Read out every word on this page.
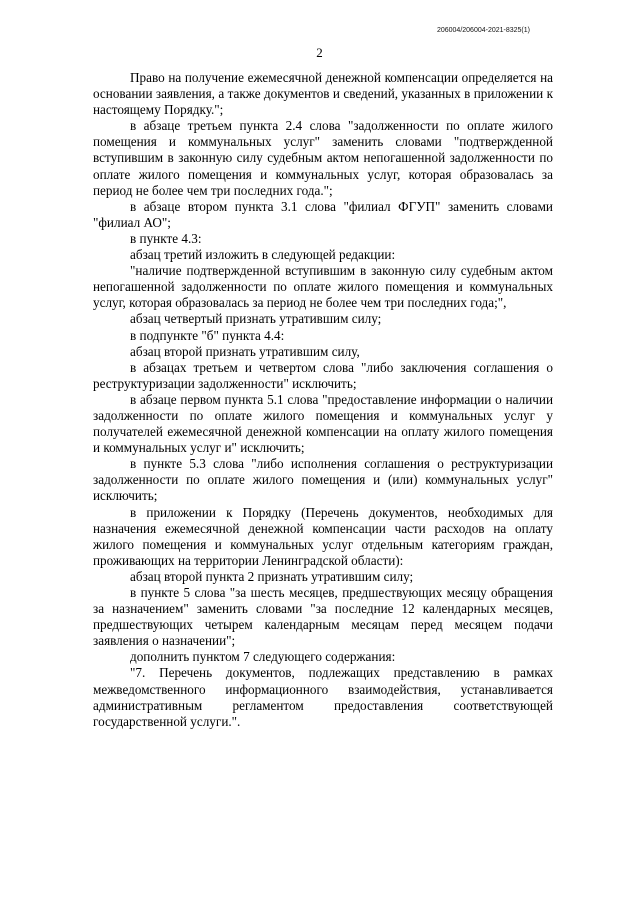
206004/206004-2021-8325(1)
2

Право на получение ежемесячной денежной компенсации определяется на основании заявления, а также документов и сведений, указанных в приложении к настоящему Порядку.";

в абзаце третьем пункта 2.4 слова "задолженности по оплате жилого помещения и коммунальных услуг" заменить словами "подтвержденной вступившим в законную силу судебным актом непогашенной задолженности по оплате жилого помещения и коммунальных услуг, которая образовалась за период не более чем три последних года.";

в абзаце втором пункта 3.1 слова "филиал ФГУП" заменить словами "филиал АО";

в пункте 4.3:

абзац третий изложить в следующей редакции:

"наличие подтвержденной вступившим в законную силу судебным актом непогашенной задолженности по оплате жилого помещения и коммунальных услуг, которая образовалась за период не более чем три последних года;",

абзац четвертый признать утратившим силу;

в подпункте "б" пункта 4.4:

абзац второй признать утратившим силу,

в абзацах третьем и четвертом слова "либо заключения соглашения о реструктуризации задолженности" исключить;

в абзаце первом пункта 5.1 слова "предоставление информации о наличии задолженности по оплате жилого помещения и коммунальных услуг у получателей ежемесячной денежной компенсации на оплату жилого помещения и коммунальных услуг и" исключить;

в пункте 5.3 слова "либо исполнения соглашения о реструктуризации задолженности по оплате жилого помещения и (или) коммунальных услуг" исключить;

в приложении к Порядку (Перечень документов, необходимых для назначения ежемесячной денежной компенсации части расходов на оплату жилого помещения и коммунальных услуг отдельным категориям граждан, проживающих на территории Ленинградской области):

абзац второй пункта 2 признать утратившим силу;

в пункте 5 слова "за шесть месяцев, предшествующих месяцу обращения за назначением" заменить словами "за последние 12 календарных месяцев, предшествующих четырем календарным месяцам перед месяцем подачи заявления о назначении";

дополнить пунктом 7 следующего содержания:

"7. Перечень документов, подлежащих представлению в рамках межведомственного информационного взаимодействия, устанавливается административным регламентом предоставления соответствующей государственной услуги.".
